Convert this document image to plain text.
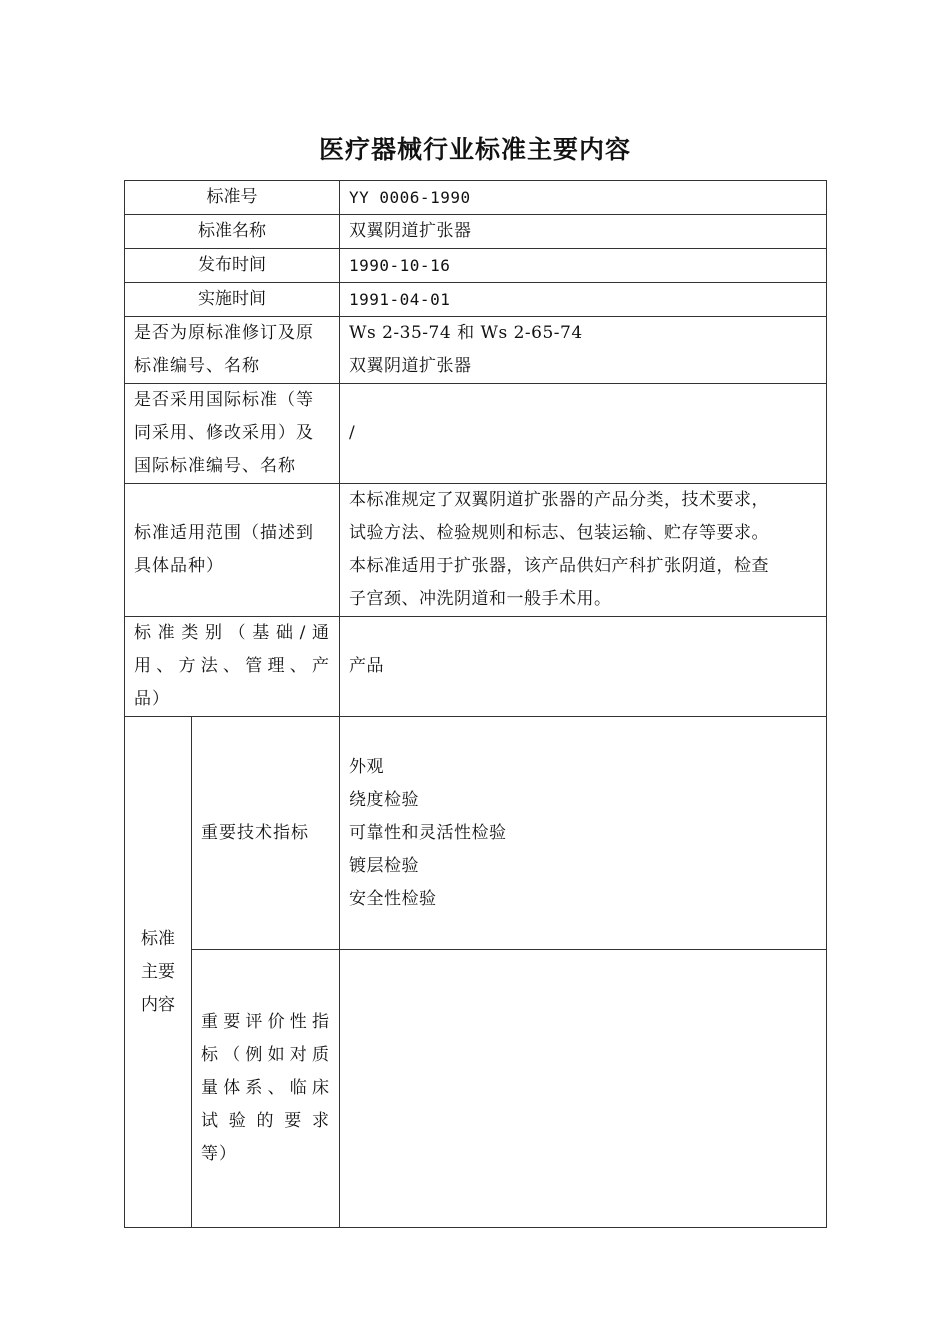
医疗器械行业标准主要内容
标准号		YY 0006-1990
标准名称		双翼阴道扩张器
发布时间		1990-10-16
实施时间		1991-04-01

是否为原标准修订及原
标准编号、名称		Ws 2-35-74 和 Ws 2-65-74
双翼阴道扩张器

是否采用国际标准（等
同采用、修改采用）及
国际标准编号、名称		/

标准适用范围（描述到
具体品种）		本标准规定了双翼阴道扩张器的产品分类，技术要求，
试验方法、检验规则和标志、包装运输、贮存等要求。
本标准适用于扩张器，该产品供妇产科扩张阴道，检查
子宫颈、冲洗阴道和一般手术用。

标准类别（基础/通
用、方法、管理、产
品）		产品

标准
主要
内容	重要技术指标	外观
绕度检验
可靠性和灵活性检验
镀层检验
安全性检验

	重要评价性指
标（例如对质
量体系、临床
试验的要求
等）	
